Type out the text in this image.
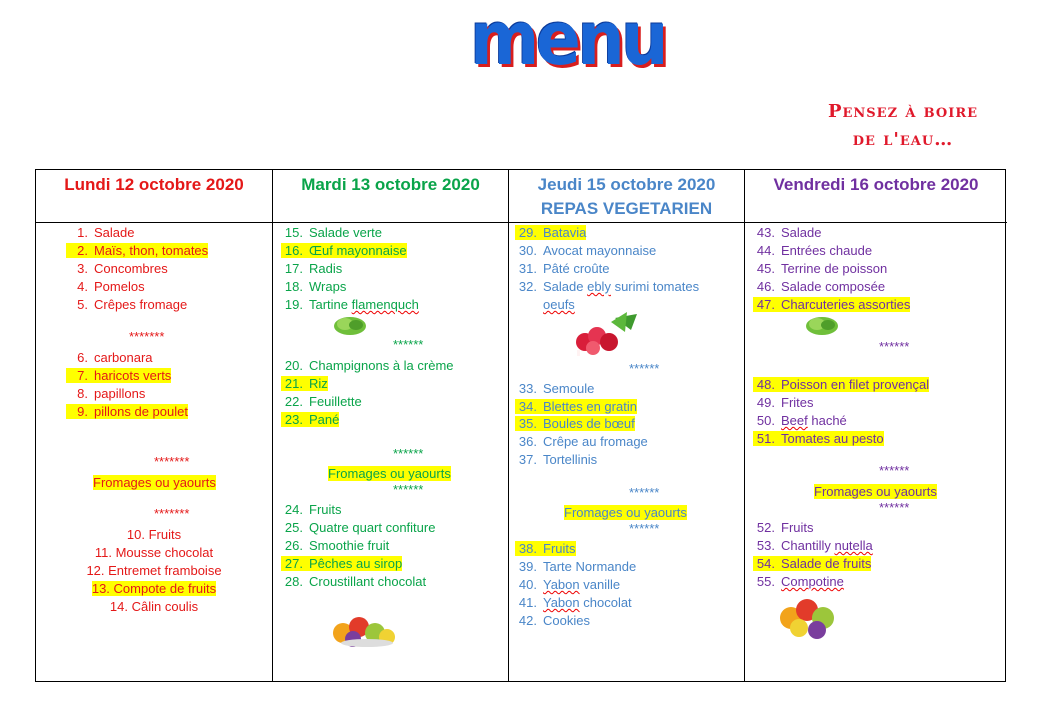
menu
Pensez à boire
de l'eau…
Lundi 12 octobre 2020
1. Salade
2. Maïs, thon, tomates
3. Concombres
4. Pomelos
5. Crêpes fromage
*******
6. carbonara
7. haricots verts
8. papillons
9. pillons de poulet
*******
Fromages ou yaourts
*******
10. Fruits
11. Mousse chocolat
12. Entremet framboise
13. Compote de fruits
14. Câlin coulis
Mardi 13 octobre 2020
15. Salade verte
16. Œuf mayonnaise
17. Radis
18. Wraps
19. Tartine flamenquch
******
20. Champignons à la crème
21. Riz
22. Feuillette
23. Pané
******
Fromages ou yaourts
******
24. Fruits
25. Quatre quart confiture
26. Smoothie fruit
27. Pêches au sirop
28. Croustillant chocolat
Jeudi 15 octobre 2020
REPAS VEGETARIEN
29. Batavia
30. Avocat mayonnaise
31. Pâté croûte
32. Salade ebly surimi tomates
oeufs
******
33. Semoule
34. Blettes en gratin
35. Boules de bœuf
36. Crêpe au fromage
37. Tortellinis
******
Fromages ou yaourts
******
38. Fruits
39. Tarte Normande
40. Yabon vanille
41. Yabon chocolat
42. Cookies
Vendredi 16 octobre 2020
43. Salade
44. Entrées chaude
45. Terrine de poisson
46. Salade composée
47. Charcuteries assorties
******
48. Poisson en filet provençal
49. Frites
50. Beef haché
51. Tomates au pesto
******
Fromages ou yaourts
******
52. Fruits
53. Chantilly nutella
54. Salade de fruits
55. Compotine
